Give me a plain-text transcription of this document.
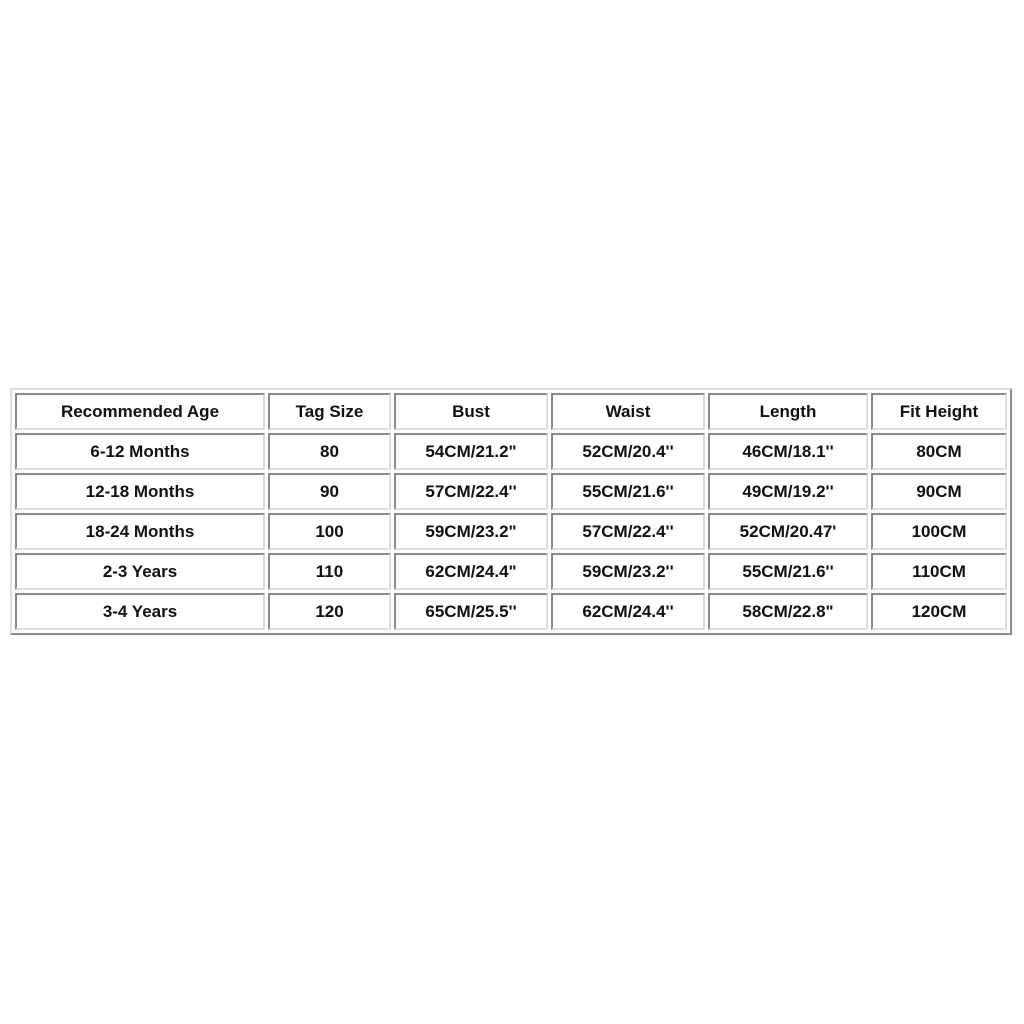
Recommended Age	Tag Size	Bust	Waist	Length	Fit Height
6-12 Months	80	54CM/21.2"	52CM/20.4''	46CM/18.1''	80CM
12-18 Months	90	57CM/22.4''	55CM/21.6''	49CM/19.2''	90CM
18-24 Months	100	59CM/23.2"	57CM/22.4''	52CM/20.47'	100CM
2-3 Years	110	62CM/24.4"	59CM/23.2''	55CM/21.6''	110CM
3-4 Years	120	65CM/25.5''	62CM/24.4''	58CM/22.8"	120CM
